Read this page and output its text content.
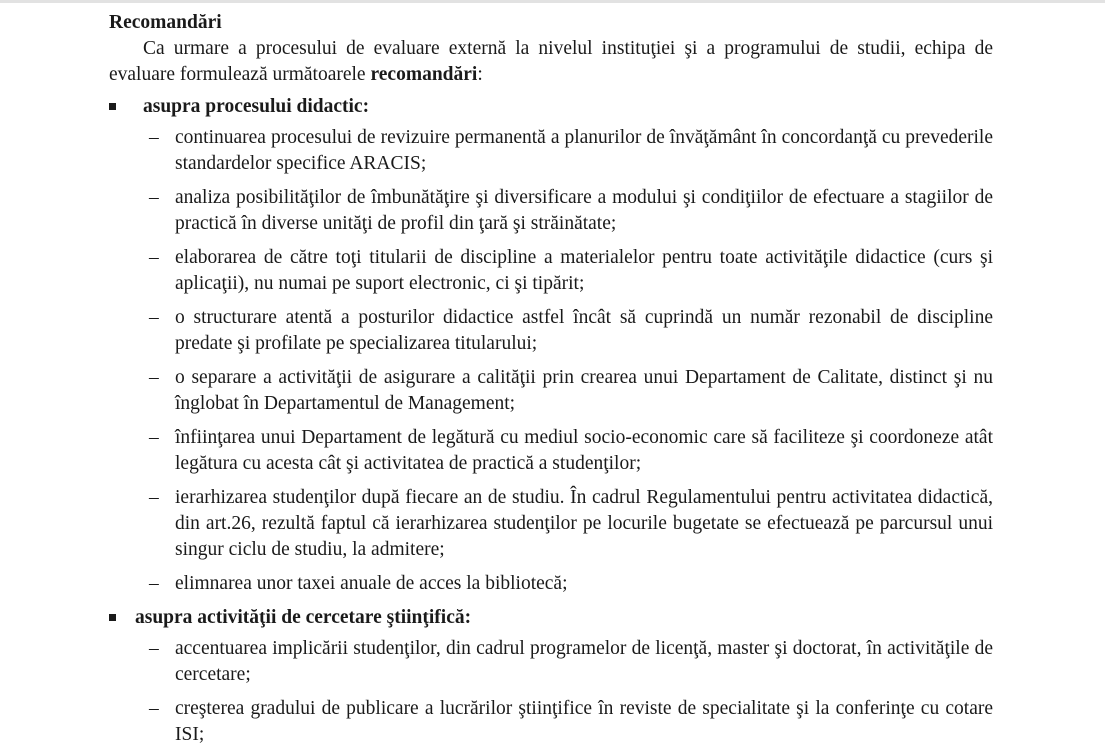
Recomandări

Ca urmare a procesului de evaluare externă la nivelul instituţiei şi a programului de studii, echipa de evaluare formulează următoarele recomandări:

asupra procesului didactic:
– continuarea procesului de revizuire permanentă a planurilor de învăţământ în concordanţă cu prevederile standardelor specifice ARACIS;
– analiza posibilităţilor de îmbunătăţire şi diversificare a modului şi condiţiilor de efectuare a stagiilor de practică în diverse unităţi de profil din ţară şi străinătate;
– elaborarea de către toţi titularii de discipline a materialelor pentru toate activităţile didactice (curs şi aplicaţii), nu numai pe suport electronic, ci şi tipărit;
– o structurare atentă a posturilor didactice astfel încât să cuprindă un număr rezonabil de discipline predate şi profilate pe specializarea titularului;
– o separare a activităţii de asigurare a calităţii prin crearea unui Departament de Calitate, distinct şi nu înglobat în Departamentul de Management;
– înfiinţarea unui Departament de legătură cu mediul socio-economic care să faciliteze şi coordoneze atât legătura cu acesta cât şi activitatea de practică a studenţilor;
– ierarhizarea studenţilor după fiecare an de studiu. În cadrul Regulamentului pentru activitatea didactică, din art.26, rezultă faptul că ierarhizarea studenţilor pe locurile bugetate se efectuează pe parcursul unui singur ciclu de studiu, la admitere;
– elimnarea unor taxei anuale de acces la bibliotecă;
asupra activităţii de cercetare ştiinţifică:
– accentuarea implicării studenţilor, din cadrul programelor de licenţă, master şi doctorat, în activităţile de cercetare;
– creşterea gradului de publicare a lucrărilor ştiinţifice în reviste de specialitate şi la conferinţe cu cotare ISI;
